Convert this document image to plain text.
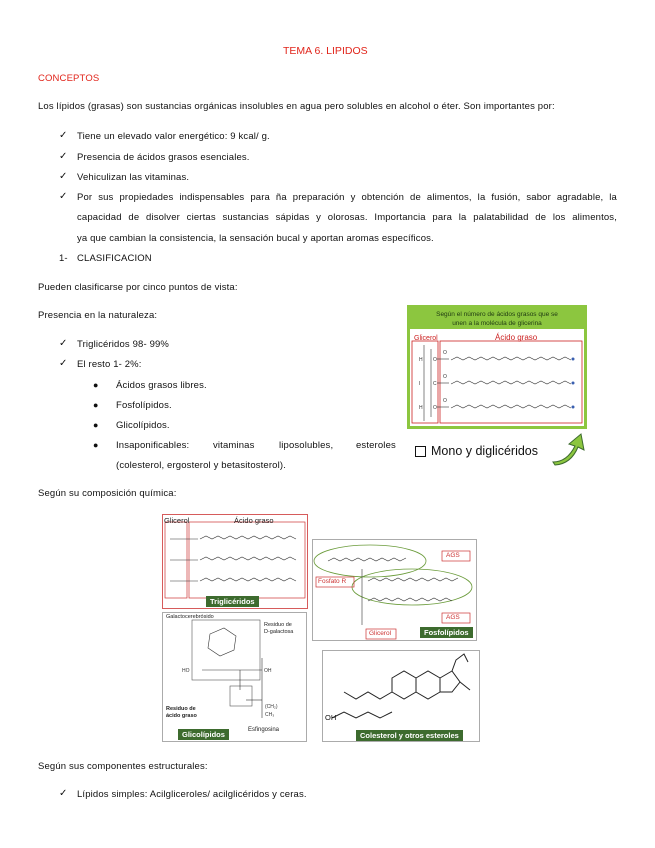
TEMA 6. LIPIDOS
CONCEPTOS
Los lípidos (grasas) son sustancias orgánicas insolubles en agua pero solubles en alcohol o éter. Son importantes por:
✓ Tiene un elevado valor energético: 9 kcal/ g.
✓ Presencia de ácidos grasos esenciales.
✓ Vehiculizan las vitaminas.
✓ Por sus propiedades indispensables para ña preparación y obtención de alimentos, la fusión, sabor agradable, la
capacidad de disolver ciertas sustancias sápidas y olorosas. Importancia para la palatabilidad de los alimentos,
ya que cambian la consistencia, la sensación bucal y aportan aromas específicos.
1- CLASIFICACION
Pueden clasificarse por cinco puntos de vista:
Presencia en la naturaleza:
✓ Triglicéridos 98- 99%
✓ El resto 1- 2%:
● Ácidos grasos libres.
● Fosfolípidos.
● Glicolípidos.
● Insaponificables: vitaminas	liposolubles, esteroles
(colesterol, ergosterol y betasitosterol).
Según el número de ácidos grasos que se
unen a la molécula de glicerina
Glicerol	Ácido graso
H O
O
I	C
O
H O
O
Mono y diglicéridos
Según su composición química:
Glicerol	Ácido graso
Triglicéridos
AGS
AGS
Fosfato R
Glicerol	Fosfolípidos
HO	OH
(CH₂)
CH₃
Galactocerebrósido
Residuo de
D-galactosa
Residuo de
ácido graso
Esfingosina
Glicolípidos
OH
Colesterol y otros esteroles
Según sus componentes estructurales:
✓ Lípidos simples: Acilgliceroles/ acilglicéridos y ceras.
